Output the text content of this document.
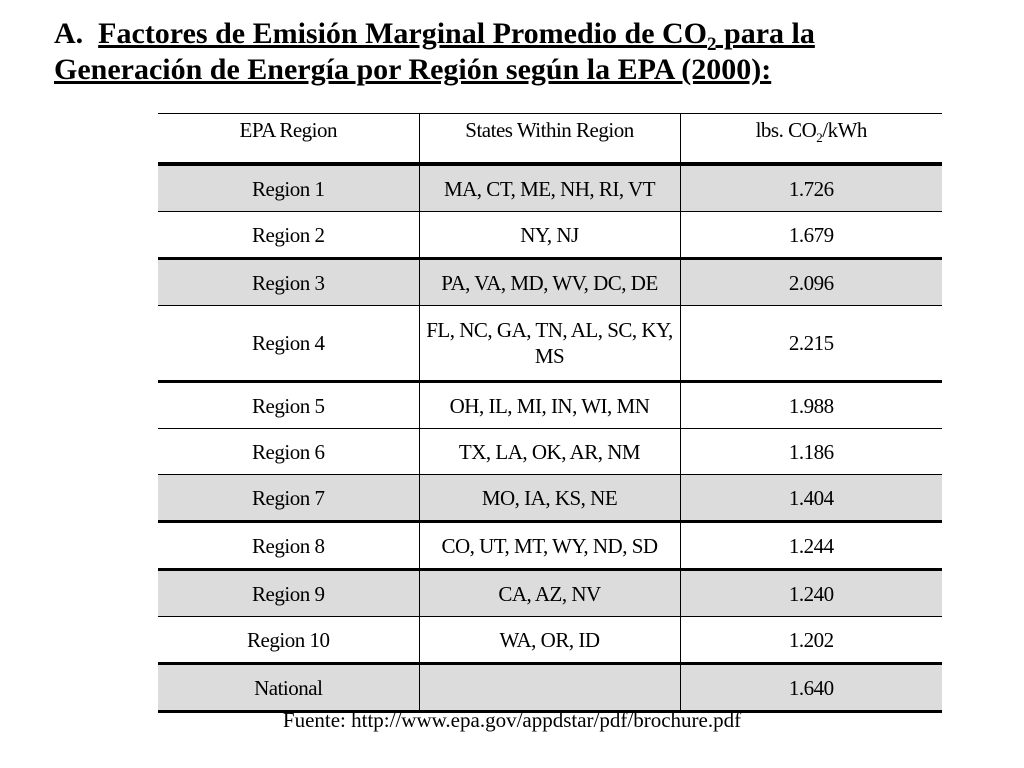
A. Factores de Emisión Marginal Promedio de $CO_2$ para la
Generación de Energía por Región según la EPA (2000):
EPA Region	States Within Region	lbs. $CO_2$/kWh
Region 1	MA, CT, ME, NH, RI, VT	1.726
Region 2	NY, NJ	1.679
Region 3	PA, VA, MD, WV, DC, DE	2.096
Region 4	FL, NC, GA, TN, AL, SC, KY, MS	2.215
Region 5	OH, IL, MI, IN, WI, MN	1.988
Region 6	TX, LA, OK, AR, NM	1.186
Region 7	MO, IA, KS, NE	1.404
Region 8	CO, UT, MT, WY, ND, SD	1.244
Region 9	CA, AZ, NV	1.240
Region 10	WA, OR, ID	1.202
National		1.640
Fuente: http://www.epa.gov/appdstar/pdf/brochure.pdf
